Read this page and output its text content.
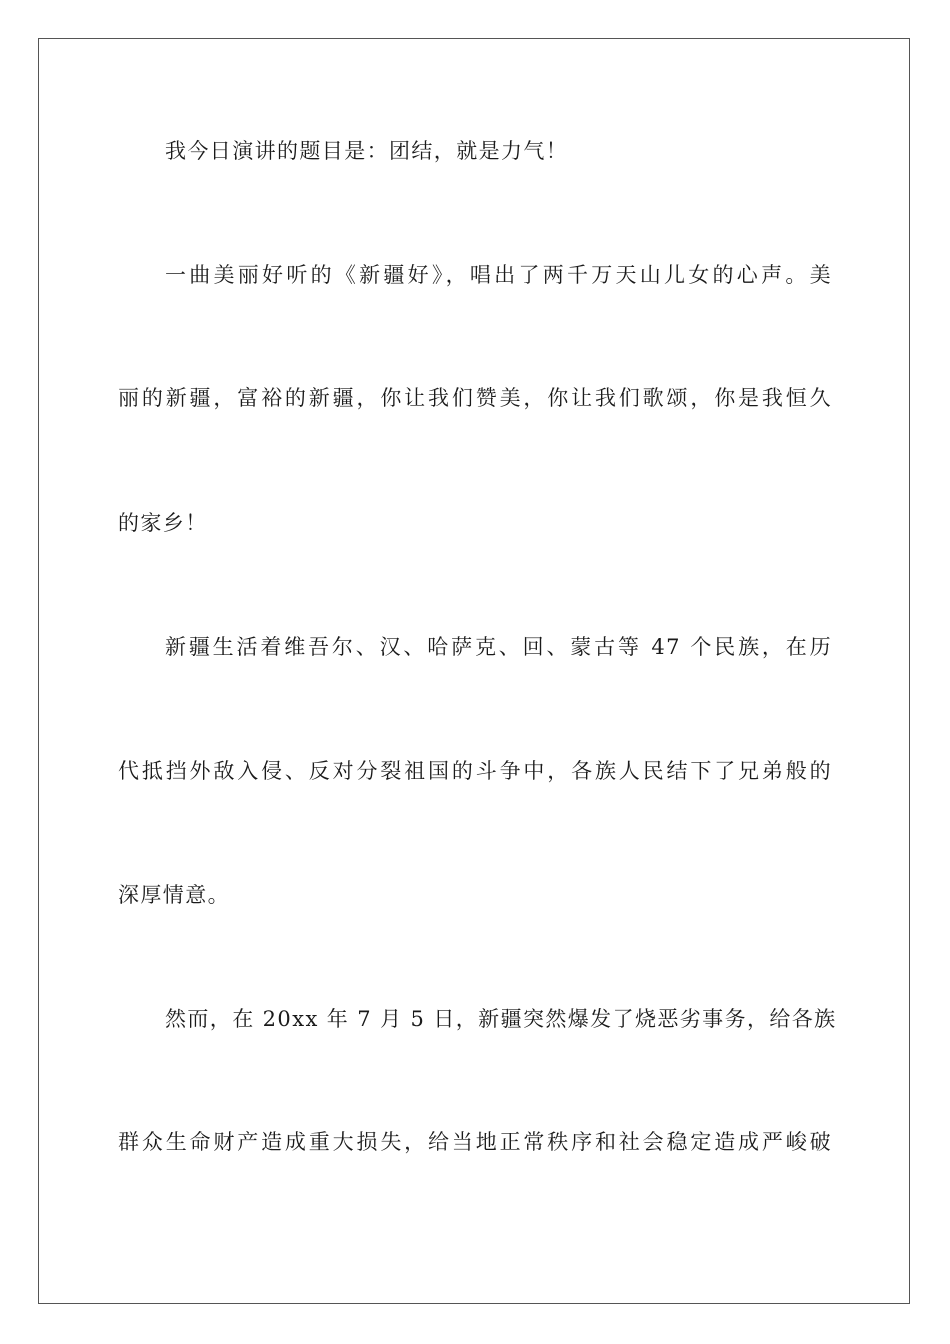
我今日演讲的题目是：团结，就是力气！
一曲美丽好听的《新疆好》，唱出了两千万天山儿女的心声。美
丽的新疆，富裕的新疆，你让我们赞美，你让我们歌颂，你是我恒久
的家乡！
新疆生活着维吾尔、汉、哈萨克、回、蒙古等 47 个民族，在历
代抵挡外敌入侵、反对分裂祖国的斗争中，各族人民结下了兄弟般的
深厚情意。
然而，在 20xx 年 7 月 5 日，新疆突然爆发了烧恶劣事务，给各族
群众生命财产造成重大损失，给当地正常秩序和社会稳定造成严峻破
